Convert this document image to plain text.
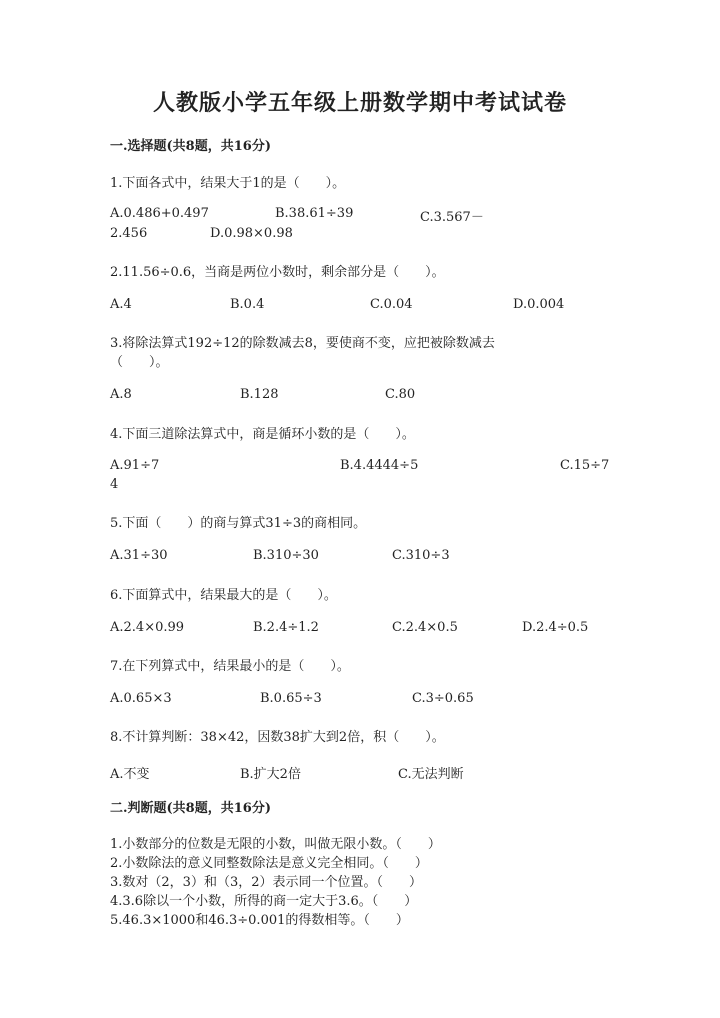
人教版小学五年级上册数学期中考试试卷
一.选择题(共8题，共16分)
1.下面各式中，结果大于1的是（　　）。
A.0.486+0.497	B.38.61÷39	C.3.567－
2.456	D.0.98×0.98
2.11.56÷0.6，当商是两位小数时，剩余部分是（　　）。
A.4	B.0.4	C.0.04	D.0.004
3.将除法算式192÷12的除数减去8，要使商不变，应把被除数减去
（　　）。
A.8	B.128	C.80
4.下面三道除法算式中，商是循环小数的是（　　）。
A.91÷7	B.4.4444÷5	C.15÷7
4
5.下面（　　）的商与算式31÷3的商相同。
A.31÷30	B.310÷30	C.310÷3
6.下面算式中，结果最大的是（　　）。
A.2.4×0.99	B.2.4÷1.2	C.2.4×0.5	D.2.4÷0.5
7.在下列算式中，结果最小的是（　　）。
A.0.65×3	B.0.65÷3	C.3÷0.65
8.不计算判断：38×42，因数38扩大到2倍，积（　　）。
A.不变	B.扩大2倍	C.无法判断
二.判断题(共8题，共16分)
1.小数部分的位数是无限的小数，叫做无限小数。（　　）
2.小数除法的意义同整数除法是意义完全相同。（　　）
3.数对（2，3）和（3，2）表示同一个位置。（　　）
4.3.6除以一个小数，所得的商一定大于3.6。（　　）
5.46.3×1000和46.3÷0.001的得数相等。（　　）
